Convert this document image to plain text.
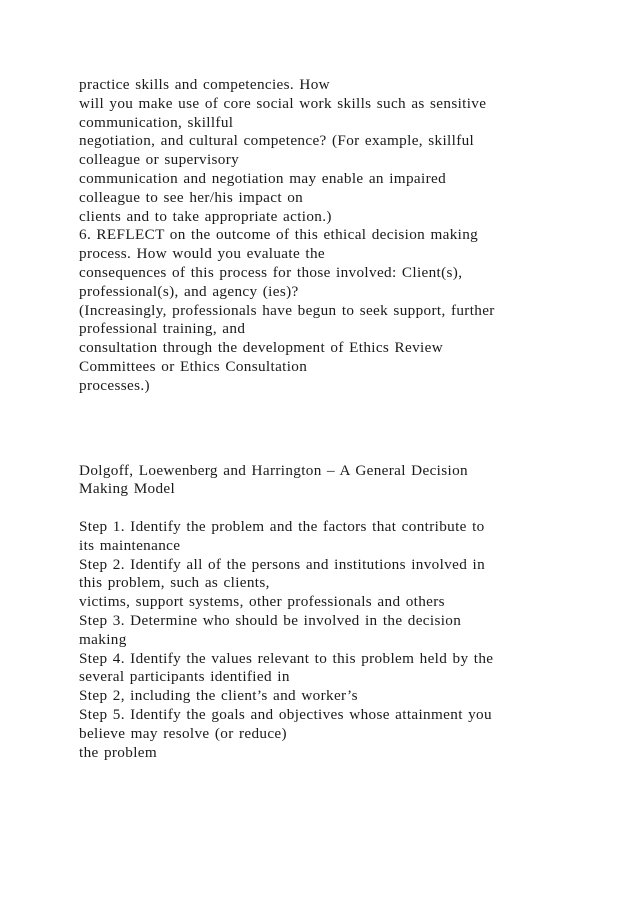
practice skills and competencies. How
will you make use of core social work skills such as sensitive
communication, skillful
negotiation, and cultural competence? (For example, skillful
colleague or supervisory
communication and negotiation may enable an impaired
colleague to see her/his impact on
clients and to take appropriate action.)
6. REFLECT on the outcome of this ethical decision making
process. How would you evaluate the
consequences of this process for those involved: Client(s),
professional(s), and agency (ies)?
(Increasingly, professionals have begun to seek support, further
professional training, and
consultation through the development of Ethics Review
Committees or Ethics Consultation
processes.)
Dolgoff, Loewenberg and Harrington – A General Decision
Making Model
Step 1. Identify the problem and the factors that contribute to
its maintenance
Step 2. Identify all of the persons and institutions involved in
this problem, such as clients,
victims, support systems, other professionals and others
Step 3. Determine who should be involved in the decision
making
Step 4. Identify the values relevant to this problem held by the
several participants identified in
Step 2, including the client’s and worker’s
Step 5. Identify the goals and objectives whose attainment you
believe may resolve (or reduce)
the problem
